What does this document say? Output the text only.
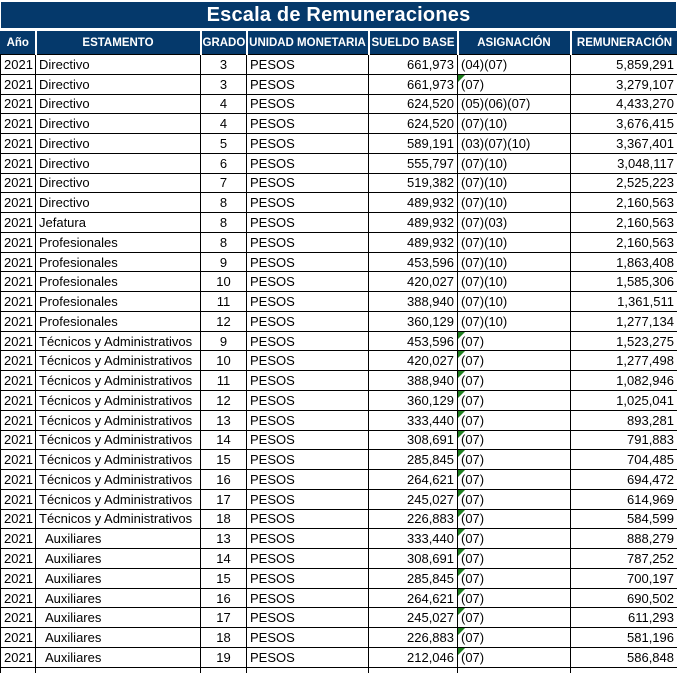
Escala de Remuneraciones
Año	ESTAMENTO	GRADO	UNIDAD MONETARIA	SUELDO BASE	ASIGNACIÓN	REMUNERACIÓN
2021	Directivo	3	PESOS	661,973	(04)(07)	5,859,291
2021	Directivo	3	PESOS	661,973	(07)	3,279,107
2021	Directivo	4	PESOS	624,520	(05)(06)(07)	4,433,270
2021	Directivo	4	PESOS	624,520	(07)(10)	3,676,415
2021	Directivo	5	PESOS	589,191	(03)(07)(10)	3,367,401
2021	Directivo	6	PESOS	555,797	(07)(10)	3,048,117
2021	Directivo	7	PESOS	519,382	(07)(10)	2,525,223
2021	Directivo	8	PESOS	489,932	(07)(10)	2,160,563
2021	Jefatura	8	PESOS	489,932	(07)(03)	2,160,563
2021	Profesionales	8	PESOS	489,932	(07)(10)	2,160,563
2021	Profesionales	9	PESOS	453,596	(07)(10)	1,863,408
2021	Profesionales	10	PESOS	420,027	(07)(10)	1,585,306
2021	Profesionales	11	PESOS	388,940	(07)(10)	1,361,511
2021	Profesionales	12	PESOS	360,129	(07)(10)	1,277,134
2021	Técnicos y Administrativos	9	PESOS	453,596	(07)	1,523,275
2021	Técnicos y Administrativos	10	PESOS	420,027	(07)	1,277,498
2021	Técnicos y Administrativos	11	PESOS	388,940	(07)	1,082,946
2021	Técnicos y Administrativos	12	PESOS	360,129	(07)	1,025,041
2021	Técnicos y Administrativos	13	PESOS	333,440	(07)	893,281
2021	Técnicos y Administrativos	14	PESOS	308,691	(07)	791,883
2021	Técnicos y Administrativos	15	PESOS	285,845	(07)	704,485
2021	Técnicos y Administrativos	16	PESOS	264,621	(07)	694,472
2021	Técnicos y Administrativos	17	PESOS	245,027	(07)	614,969
2021	Técnicos y Administrativos	18	PESOS	226,883	(07)	584,599
2021	Auxiliares	13	PESOS	333,440	(07)	888,279
2021	Auxiliares	14	PESOS	308,691	(07)	787,252
2021	Auxiliares	15	PESOS	285,845	(07)	700,197
2021	Auxiliares	16	PESOS	264,621	(07)	690,502
2021	Auxiliares	17	PESOS	245,027	(07)	611,293
2021	Auxiliares	18	PESOS	226,883	(07)	581,196
2021	Auxiliares	19	PESOS	212,046	(07)	586,848
